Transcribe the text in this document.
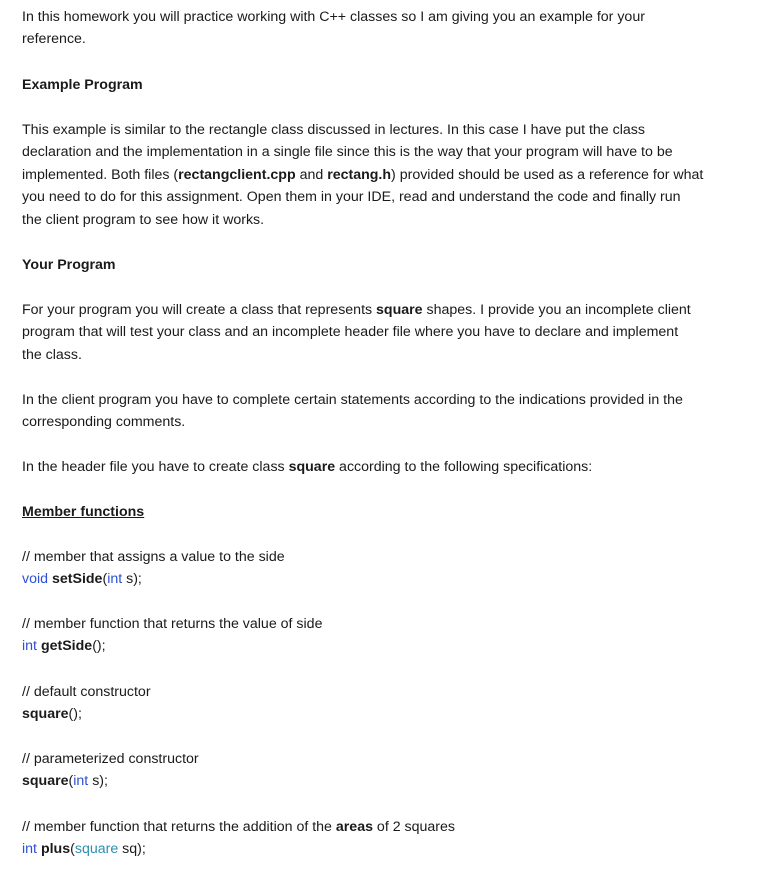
In this homework you will practice working with C++ classes so I am giving you an example for your
reference.

Example Program

This example is similar to the rectangle class discussed in lectures. In this case I have put the class
declaration and the implementation in a single file since this is the way that your program will have to be
implemented. Both files (rectangclient.cpp and rectang.h) provided should be used as a reference for what
you need to do for this assignment. Open them in your IDE, read and understand the code and finally run
the client program to see how it works.

Your Program

For your program you will create a class that represents square shapes. I provide you an incomplete client
program that will test your class and an incomplete header file where you have to declare and implement
the class.

In the client program you have to complete certain statements according to the indications provided in the
corresponding comments.

In the header file you have to create class square according to the following specifications:

Member functions

// member that assigns a value to the side
void setSide(int s);

// member function that returns the value of side
int getSide();

// default constructor
square();

// parameterized constructor
square(int s);

// member function that returns the addition of the areas of 2 squares
int plus(square sq);
